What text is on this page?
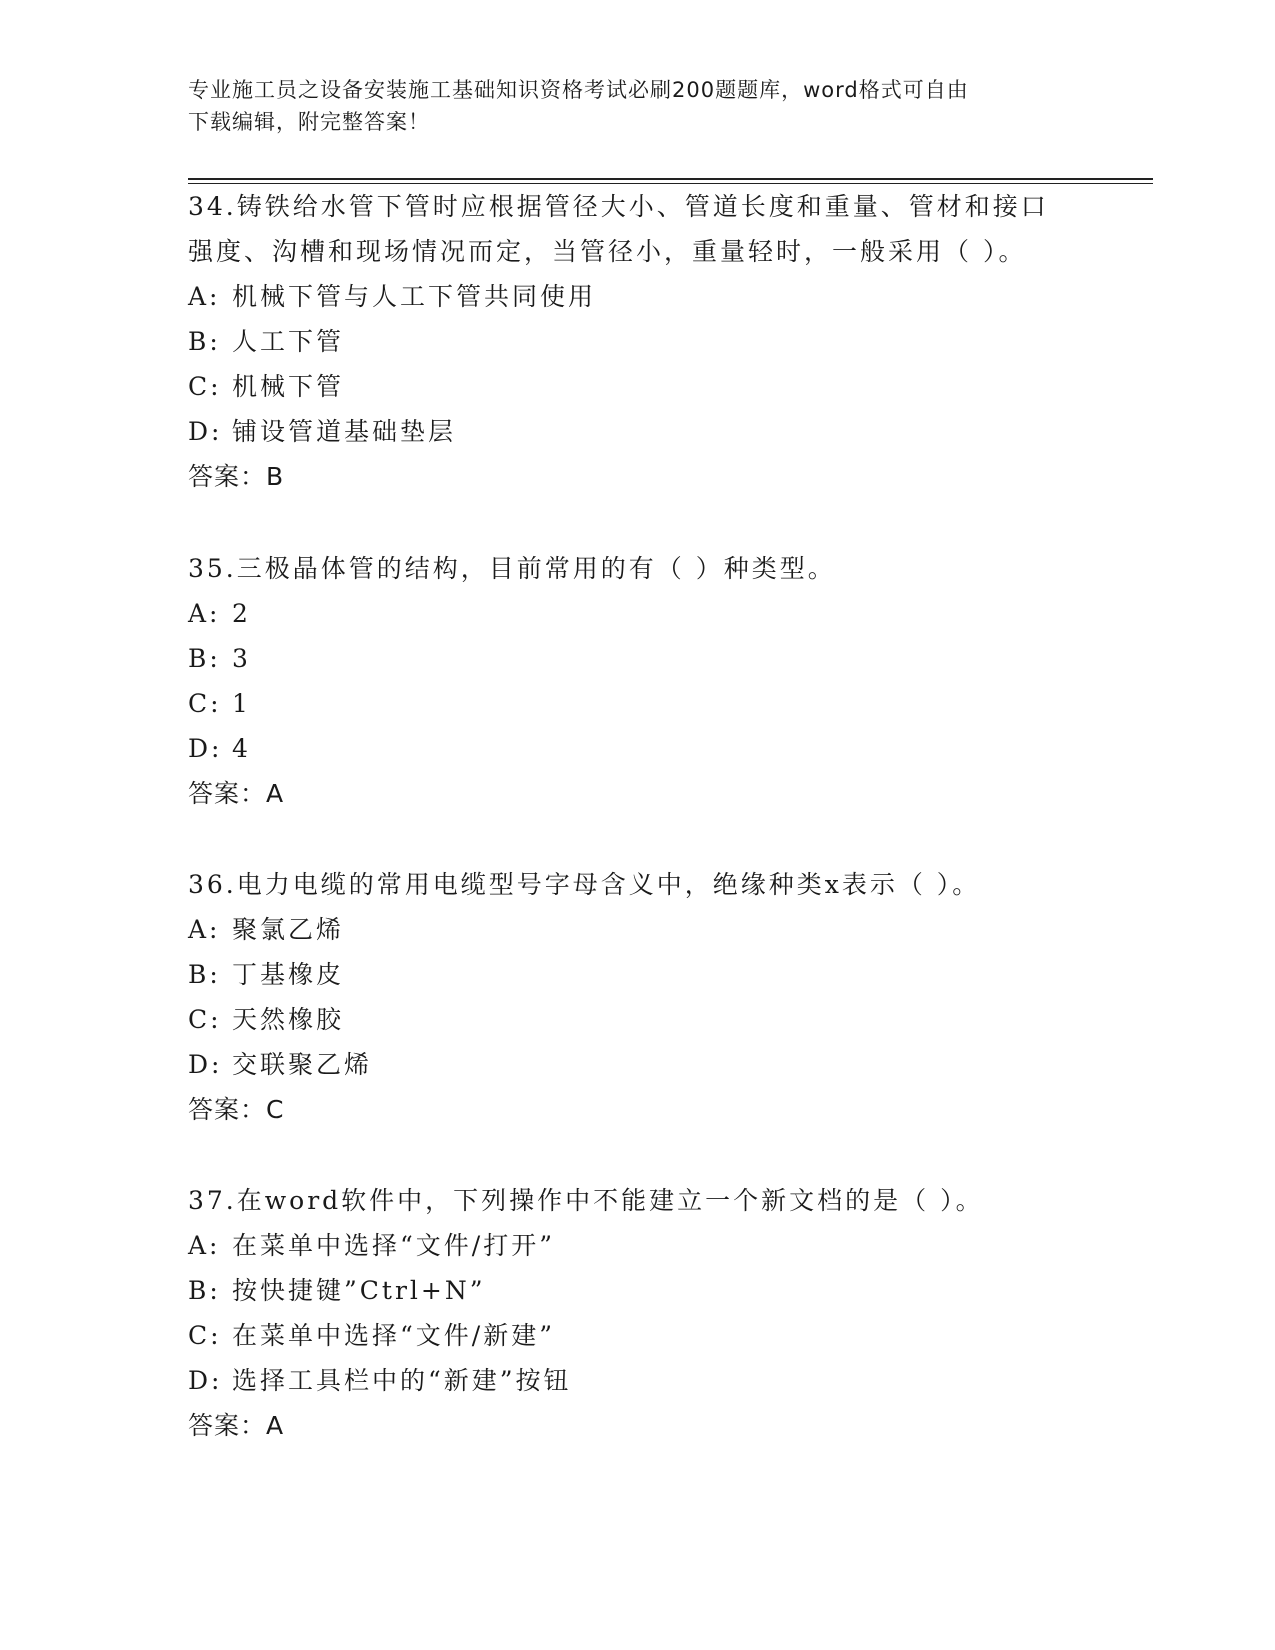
专业施工员之设备安装施工基础知识资格考试必刷200题题库，word格式可自由
下载编辑，附完整答案！

34.铸铁给水管下管时应根据管径大小、管道长度和重量、管材和接口

强度、沟槽和现场情况而定，当管径小，重量轻时，一般采用（ ）。

A: 机械下管与人工下管共同使用

B: 人工下管

C: 机械下管

D: 铺设管道基础垫层

答案：B

35.三极晶体管的结构，目前常用的有（ ）种类型。

A: 2

B: 3

C: 1

D: 4

答案：A

36.电力电缆的常用电缆型号字母含义中，绝缘种类x表示（ ）。

A: 聚氯乙烯

B: 丁基橡皮

C: 天然橡胶

D: 交联聚乙烯

答案：C

37.在word软件中，下列操作中不能建立一个新文档的是（ ）。

A: 在菜单中选择“文件/打开”

B: 按快捷键”Ctrl+N”

C: 在菜单中选择“文件/新建”

D: 选择工具栏中的“新建”按钮

答案：A
